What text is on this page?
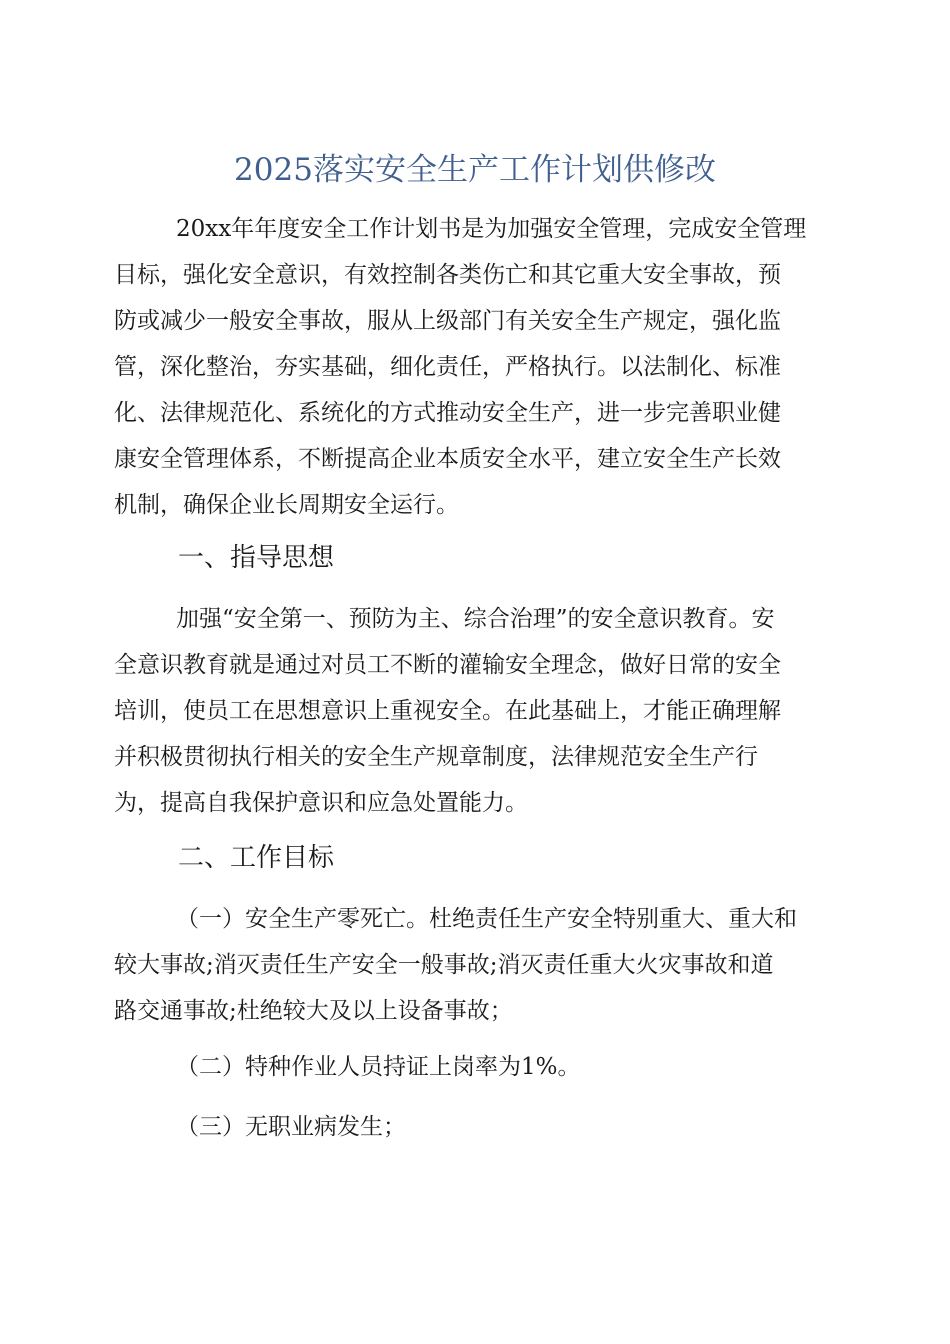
2025落实安全生产工作计划供修改
20xx年年度安全工作计划书是为加强安全管理，完成安全管理
目标，强化安全意识，有效控制各类伤亡和其它重大安全事故，预
防或减少一般安全事故，服从上级部门有关安全生产规定，强化监
管，深化整治，夯实基础，细化责任，严格执行。以法制化、标准
化、法律规范化、系统化的方式推动安全生产，进一步完善职业健
康安全管理体系，不断提高企业本质安全水平，建立安全生产长效
机制，确保企业长周期安全运行。
一、指导思想
加强“安全第一、预防为主、综合治理”的安全意识教育。安
全意识教育就是通过对员工不断的灌输安全理念，做好日常的安全
培训，使员工在思想意识上重视安全。在此基础上，才能正确理解
并积极贯彻执行相关的安全生产规章制度，法律规范安全生产行
为，提高自我保护意识和应急处置能力。
二、工作目标
（一）安全生产零死亡。杜绝责任生产安全特别重大、重大和
较大事故;消灭责任生产安全一般事故;消灭责任重大火灾事故和道
路交通事故;杜绝较大及以上设备事故；
（二）特种作业人员持证上岗率为1%。
（三）无职业病发生；
